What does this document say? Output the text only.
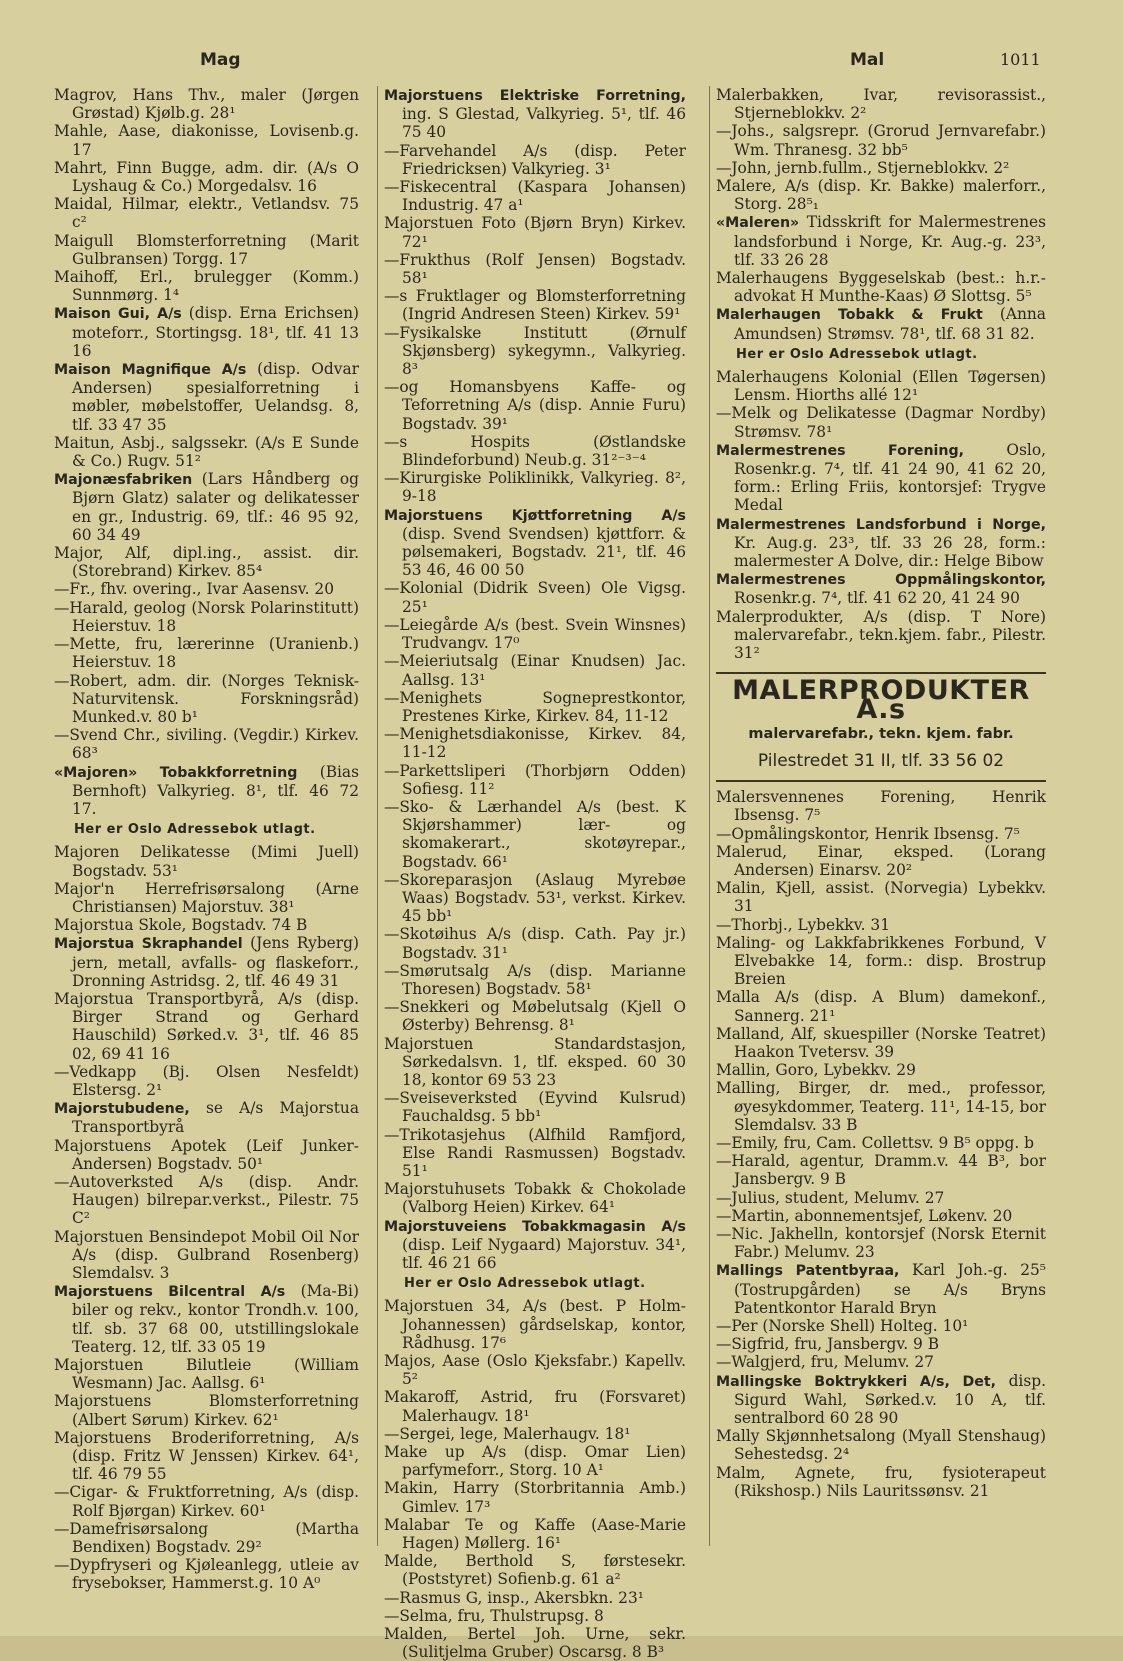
Mag	Mal	1011

Magrov, Hans Thv., maler (Jørgen Grøstad) Kjølb.g. 28¹

Mahle, Aase, diakonisse, Lovisenb.g. 17

Mahrt, Finn Bugge, adm. dir. (A/s O Lyshaug & Co.) Morgedalsv. 16

Maidal, Hilmar, elektr., Vetlandsv. 75 c²

Maigull Blomsterforretning (Marit Gulbransen) Torgg. 17

Maihoff, Erl., brulegger (Komm.) Sunnmørg. 1⁴

Maison Gui, A/s (disp. Erna Erichsen) moteforr., Stortingsg. 18¹, tlf. 41 13 16

Maison Magnifique A/s (disp. Odvar Andersen) spesialforretning i møbler, møbelstoffer, Uelandsg. 8, tlf. 33 47 35

Maitun, Asbj., salgssekr. (A/s E Sunde & Co.) Rugv. 51²

Majonæsfabriken (Lars Håndberg og Bjørn Glatz) salater og delikatesser en gr., Industrig. 69, tlf.: 46 95 92, 60 34 49

Major, Alf, dipl.ing., assist. dir. (Storebrand) Kirkev. 85⁴

—Fr., fhv. overing., Ivar Aasensv. 20

—Harald, geolog (Norsk Polarinstitutt) Heierstuv. 18

—Mette, fru, lærerinne (Uranienb.) Heierstuv. 18

—Robert, adm. dir. (Norges Teknisk-Naturvitensk. Forskningsråd) Munked.v. 80 b¹

—Svend Chr., siviling. (Vegdir.) Kirkev. 68³

«Majoren» Tobakkforretning (Bias Bernhoft) Valkyrieg. 8¹, tlf. 46 72 17.

Her er Oslo Adressebok utlagt.

Majoren Delikatesse (Mimi Juell) Bogstadv. 53¹

Major'n Herrefrisørsalong (Arne Christiansen) Majorstuv. 38¹

Majorstua Skole, Bogstadv. 74 B

Majorstua Skraphandel (Jens Ryberg) jern, metall, avfalls- og flaskeforr., Dronning Astridsg. 2, tlf. 46 49 31

Majorstua Transportbyrå, A/s (disp. Birger Strand og Gerhard Hauschild) Sørked.v. 3¹, tlf. 46 85 02, 69 41 16

—Vedkapp (Bj. Olsen Nesfeldt) Elstersg. 2¹

Majorstubudene, se A/s Majorstua Transportbyrå

Majorstuens Apotek (Leif Junker-Andersen) Bogstadv. 50¹

—Autoverksted A/s (disp. Andr. Haugen) bilrepar.verkst., Pilestr. 75 C²

Majorstuen Bensindepot Mobil Oil Nor A/s (disp. Gulbrand Rosenberg) Slemdalsv. 3

Majorstuens Bilcentral A/s (Ma-Bi) biler og rekv., kontor Trondh.v. 100, tlf. sb. 37 68 00, utstillingslokale Teaterg. 12, tlf. 33 05 19

Majorstuen Bilutleie (William Wesmann) Jac. Aallsg. 6¹

Majorstuens Blomsterforretning (Albert Sørum) Kirkev. 62¹

Majorstuens Broderiforretning, A/s (disp. Fritz W Jenssen) Kirkev. 64¹, tlf. 46 79 55

—Cigar- & Fruktforretning, A/s (disp. Rolf Bjørgan) Kirkev. 60¹

—Damefrisørsalong (Martha Bendixen) Bogstadv. 29²

—Dypfryseri og Kjøleanlegg, utleie av frysebokser, Hammerst.g. 10 A⁰

Majorstuens Elektriske Forretning, ing. S Glestad, Valkyrieg. 5¹, tlf. 46 75 40

—Farvehandel A/s (disp. Peter Friedricksen) Valkyrieg. 3¹

—Fiskecentral (Kaspara Johansen) Industrig. 47 a¹

Majorstuen Foto (Bjørn Bryn) Kirkev. 72¹

—Frukthus (Rolf Jensen) Bogstadv. 58¹

—s Fruktlager og Blomsterforretning (Ingrid Andresen Steen) Kirkev. 59¹

—Fysikalske Institutt (Ørnulf Skjønsberg) sykegymn., Valkyrieg. 8³

—og Homansbyens Kaffe- og Teforretning A/s (disp. Annie Furu) Bogstadv. 39¹

—s Hospits (Østlandske Blindeforbund) Neub.g. 31²⁻³⁻⁴

—Kirurgiske Poliklinikk, Valkyrieg. 8², 9-18

Majorstuens Kjøttforretning A/s (disp. Svend Svendsen) kjøttforr. & pølsemakeri, Bogstadv. 21¹, tlf. 46 53 46, 46 00 50

—Kolonial (Didrik Sveen) Ole Vigsg. 25¹

—Leiegårde A/s (best. Svein Winsnes) Trudvangv. 17⁰

—Meieriutsalg (Einar Knudsen) Jac. Aallsg. 13¹

—Menighets Sogneprestkontor, Prestenes Kirke, Kirkev. 84, 11-12

—Menighetsdiakonisse, Kirkev. 84, 11-12

—Parkettsliperi (Thorbjørn Odden) Sofiesg. 11²

—Sko- & Lærhandel A/s (best. K Skjørshammer) lær- og skomakerart., skotøyrepar., Bogstadv. 66¹

—Skoreparasjon (Aslaug Myrebøe Waas) Bogstadv. 53¹, verkst. Kirkev. 45 bb¹

—Skotøihus A/s (disp. Cath. Pay jr.) Bogstadv. 31¹

—Smørutsalg A/s (disp. Marianne Thoresen) Bogstadv. 58¹

—Snekkeri og Møbelutsalg (Kjell O Østerby) Behrensg. 8¹

Majorstuen Standardstasjon, Sørkedalsvn. 1, tlf. eksped. 60 30 18, kontor 69 53 23

—Sveiseverksted (Eyvind Kulsrud) Fauchaldsg. 5 bb¹

—Trikotasjehus (Alfhild Ramfjord, Else Randi Rasmussen) Bogstadv. 51¹

Majorstuhusets Tobakk & Chokolade (Valborg Heien) Kirkev. 64¹

Majorstuveiens Tobakkmagasin A/s (disp. Leif Nygaard) Majorstuv. 34¹, tlf. 46 21 66

Her er Oslo Adressebok utlagt.

Majorstuen 34, A/s (best. P Holm-Johannessen) gårdselskap, kontor, Rådhusg. 17⁶

Majos, Aase (Oslo Kjeksfabr.) Kapellv. 5²

Makaroff, Astrid, fru (Forsvaret) Malerhaugv. 18¹

—Sergei, lege, Malerhaugv. 18¹

Make up A/s (disp. Omar Lien) parfymeforr., Storg. 10 A¹

Makin, Harry (Storbritannia Amb.) Gimlev. 17³

Malabar Te og Kaffe (Aase-Marie Hagen) Møllerg. 16¹

Malde, Berthold S, førstesekr. (Poststyret) Sofienb.g. 61 a²

—Rasmus G, insp., Akersbkn. 23¹

—Selma, fru, Thulstrupsg. 8

Malden, Bertel Joh. Urne, sekr. (Sulitjelma Gruber) Oscarsg. 8 B³

Malerbakken, Ivar, revisorassist., Stjerneblokkv. 2²

—Johs., salgsrepr. (Grorud Jernvarefabr.) Wm. Thranesg. 32 bb⁵

—John, jernb.fullm., Stjerneblokkv. 2²

Malere, A/s (disp. Kr. Bakke) malerforr., Storg. 28⁵₁

«Maleren» Tidsskrift for Malermestrenes landsforbund i Norge, Kr. Aug.-g. 23³, tlf. 33 26 28

Malerhaugens Byggeselskab (best.: h.r.-advokat H Munthe-Kaas) Ø Slottsg. 5⁵

Malerhaugen Tobakk & Frukt (Anna Amundsen) Strømsv. 78¹, tlf. 68 31 82.

Her er Oslo Adressebok utlagt.

Malerhaugens Kolonial (Ellen Tøgersen) Lensm. Hiorths allé 12¹

—Melk og Delikatesse (Dagmar Nordby) Strømsv. 78¹

Malermestrenes Forening, Oslo, Rosenkr.g. 7⁴, tlf. 41 24 90, 41 62 20, form.: Erling Friis, kontorsjef: Trygve Medal

Malermestrenes Landsforbund i Norge, Kr. Aug.g. 23³, tlf. 33 26 28, form.: malermester A Dolve, dir.: Helge Bibow

Malermestrenes Oppmålingskontor, Rosenkr.g. 7⁴, tlf. 41 62 20, 41 24 90

Malerprodukter, A/s (disp. T Nore) malervarefabr., tekn.kjem. fabr., Pilestr. 31²

MALERPRODUKTER A.s
malervarefabr., tekn. kjem. fabr.
Pilestredet 31 II, tlf. 33 56 02

Malersvennenes Forening, Henrik Ibsensg. 7⁵

—Opmålingskontor, Henrik Ibsensg. 7⁵

Malerud, Einar, eksped. (Lorang Andersen) Einarsv. 20²

Malin, Kjell, assist. (Norvegia) Lybekkv. 31

—Thorbj., Lybekkv. 31

Maling- og Lakkfabrikkenes Forbund, V Elvebakke 14, form.: disp. Brostrup Breien

Malla A/s (disp. A Blum) damekonf., Sannerg. 21¹

Malland, Alf, skuespiller (Norske Teatret) Haakon Tvetersv. 39

Mallin, Goro, Lybekkv. 29

Malling, Birger, dr. med., professor, øyesykdommer, Teaterg. 11¹, 14-15, bor Slemdalsv. 33 B

—Emily, fru, Cam. Collettsv. 9 B⁵ oppg. b

—Harald, agentur, Dramm.v. 44 B³, bor Jansbergv. 9 B

—Julius, student, Melumv. 27

—Martin, abonnementsjef, Løkenv. 20

—Nic. Jakhelln, kontorsjef (Norsk Eternit Fabr.) Melumv. 23

Mallings Patentbyraa, Karl Joh.-g. 25⁵ (Tostrupgården) se A/s Bryns Patentkontor Harald Bryn

—Per (Norske Shell) Holteg. 10¹

—Sigfrid, fru, Jansbergv. 9 B

—Walgjerd, fru, Melumv. 27

Mallingske Boktrykkeri A/s, Det, disp. Sigurd Wahl, Sørked.v. 10 A, tlf. sentralbord 60 28 90

Mally Skjønnhetsalong (Myall Stenshaug) Sehestedsg. 2⁴

Malm, Agnete, fru, fysioterapeut (Rikshosp.) Nils Lauritssønsv. 21
